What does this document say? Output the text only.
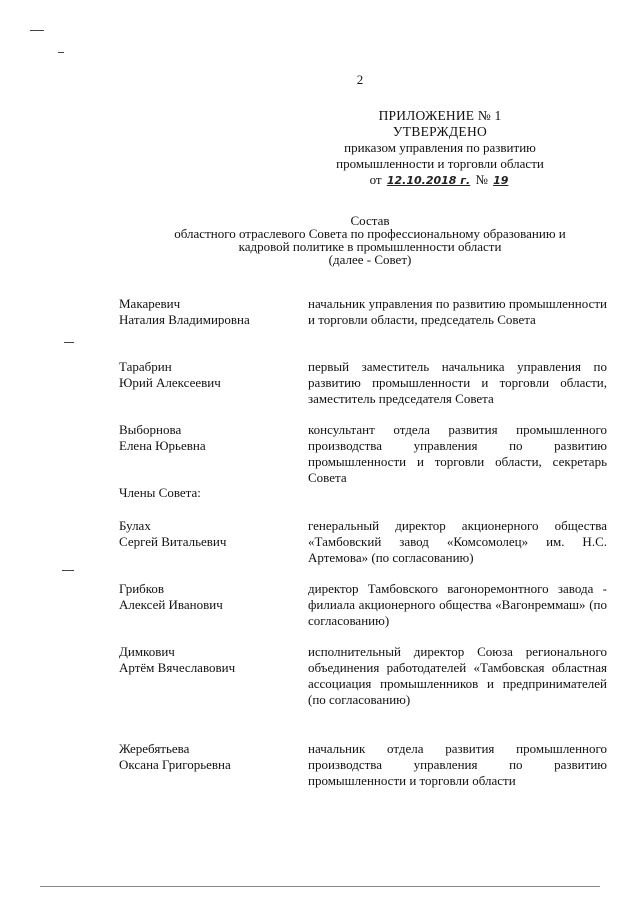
2
ПРИЛОЖЕНИЕ № 1
УТВЕРЖДЕНО
приказом управления по развитию
промышленности и торговли области
от 12.10.2018 г. № 19
Состав
областного отраслевого Совета по профессиональному образованию и
кадровой политике в промышленности области
(далее - Совет)
Макаревич
Наталия Владимировна
начальник управления по развитию промышленности и торговли области, председатель Совета
Тарабрин
Юрий Алексеевич
первый заместитель начальника управления по развитию промышленности и торговли области, заместитель председателя Совета
Выборнова
Елена Юрьевна
консультант отдела развития промышленного производства управления по развитию промышленности и торговли области, секретарь Совета
Члены Совета:
Булах
Сергей Витальевич
генеральный директор акционерного общества «Тамбовский завод «Комсомолец» им. Н.С. Артемова» (по согласованию)
Грибков
Алексей Иванович
директор Тамбовского вагоноремонтного завода - филиала акционерного общества «Вагонреммаш» (по согласованию)
Димкович
Артём Вячеславович
исполнительный директор Союза регионального объединения работодателей «Тамбовская областная ассоциация промышленников и предпринимателей (по согласованию)
Жеребятьева
Оксана Григорьевна
начальник отдела развития промышленного производства управления по развитию промышленности и торговли области
